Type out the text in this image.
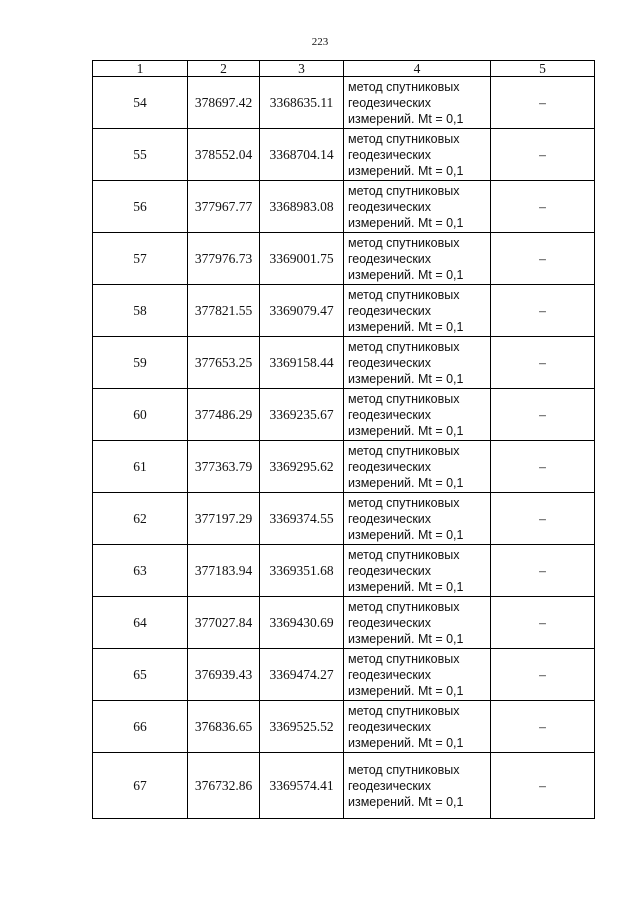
223
1	2	3	4	5
54	378697.42	3368635.11	метод спутниковых
геодезических
измерений. Mt = 0,1	–
55	378552.04	3368704.14	метод спутниковых
геодезических
измерений. Mt = 0,1	–
56	377967.77	3368983.08	метод спутниковых
геодезических
измерений. Mt = 0,1	–
57	377976.73	3369001.75	метод спутниковых
геодезических
измерений. Mt = 0,1	–
58	377821.55	3369079.47	метод спутниковых
геодезических
измерений. Mt = 0,1	–
59	377653.25	3369158.44	метод спутниковых
геодезических
измерений. Mt = 0,1	–
60	377486.29	3369235.67	метод спутниковых
геодезических
измерений. Mt = 0,1	–
61	377363.79	3369295.62	метод спутниковых
геодезических
измерений. Mt = 0,1	–
62	377197.29	3369374.55	метод спутниковых
геодезических
измерений. Mt = 0,1	–
63	377183.94	3369351.68	метод спутниковых
геодезических
измерений. Mt = 0,1	–
64	377027.84	3369430.69	метод спутниковых
геодезических
измерений. Mt = 0,1	–
65	376939.43	3369474.27	метод спутниковых
геодезических
измерений. Mt = 0,1	–
66	376836.65	3369525.52	метод спутниковых
геодезических
измерений. Mt = 0,1	–
67	376732.86	3369574.41	метод спутниковых
геодезических
измерений. Mt = 0,1	–
